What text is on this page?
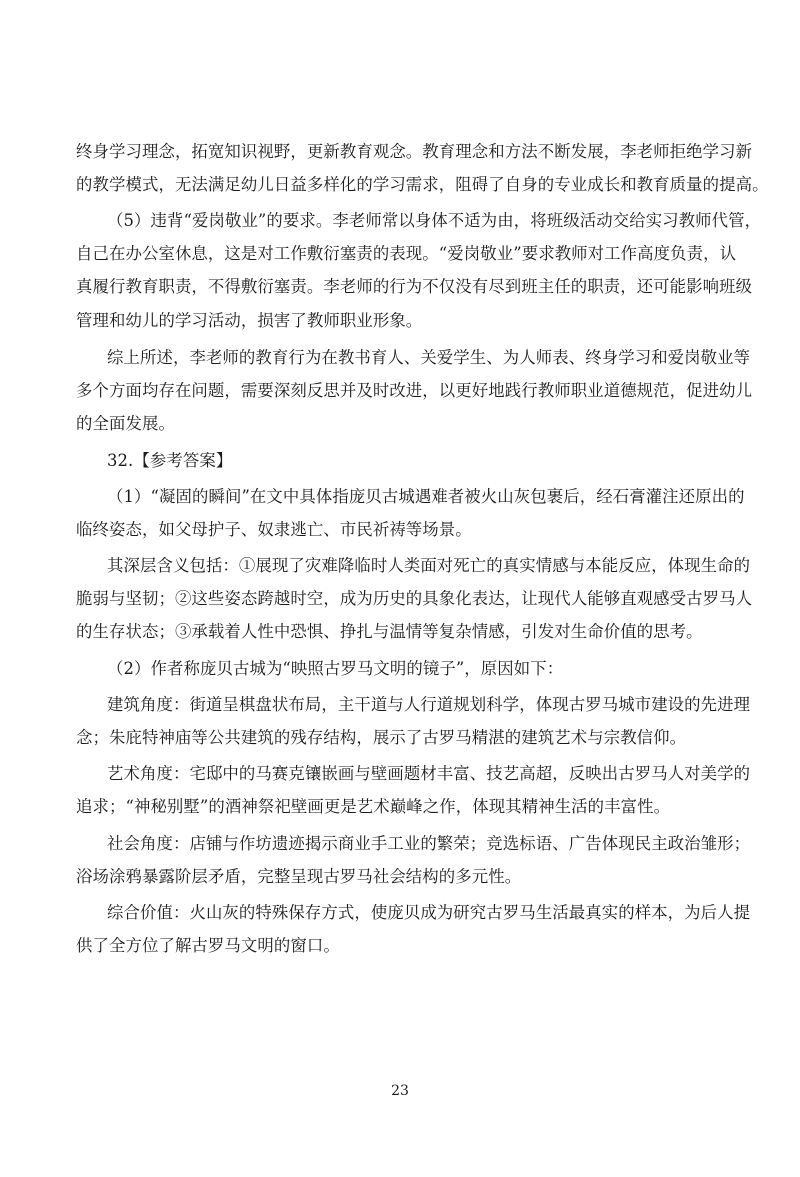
终身学习理念，拓宽知识视野，更新教育观念。教育理念和方法不断发展，李老师拒绝学习新
的教学模式，无法满足幼儿日益多样化的学习需求，阻碍了自身的专业成长和教育质量的提高。
（5）违背“爱岗敬业”的要求。李老师常以身体不适为由，将班级活动交给实习教师代管，
自己在办公室休息，这是对工作敷衍塞责的表现。“爱岗敬业”要求教师对工作高度负责，认
真履行教育职责，不得敷衍塞责。李老师的行为不仅没有尽到班主任的职责，还可能影响班级
管理和幼儿的学习活动，损害了教师职业形象。
综上所述，李老师的教育行为在教书育人、关爱学生、为人师表、终身学习和爱岗敬业等
多个方面均存在问题，需要深刻反思并及时改进，以更好地践行教师职业道德规范，促进幼儿
的全面发展。
32.【参考答案】
（1）“凝固的瞬间”在文中具体指庞贝古城遇难者被火山灰包裹后，经石膏灌注还原出的
临终姿态，如父母护子、奴隶逃亡、市民祈祷等场景。
其深层含义包括：①展现了灾难降临时人类面对死亡的真实情感与本能反应，体现生命的
脆弱与坚韧；②这些姿态跨越时空，成为历史的具象化表达，让现代人能够直观感受古罗马人
的生存状态；③承载着人性中恐惧、挣扎与温情等复杂情感，引发对生命价值的思考。
（2）作者称庞贝古城为“映照古罗马文明的镜子”，原因如下：
建筑角度：街道呈棋盘状布局，主干道与人行道规划科学，体现古罗马城市建设的先进理
念；朱庇特神庙等公共建筑的残存结构，展示了古罗马精湛的建筑艺术与宗教信仰。
艺术角度：宅邸中的马赛克镶嵌画与壁画题材丰富、技艺高超，反映出古罗马人对美学的
追求；“神秘别墅”的酒神祭祀壁画更是艺术巅峰之作，体现其精神生活的丰富性。
社会角度：店铺与作坊遗迹揭示商业手工业的繁荣；竞选标语、广告体现民主政治雏形；
浴场涂鸦暴露阶层矛盾，完整呈现古罗马社会结构的多元性。
综合价值：火山灰的特殊保存方式，使庞贝成为研究古罗马生活最真实的样本，为后人提
供了全方位了解古罗马文明的窗口。
23
